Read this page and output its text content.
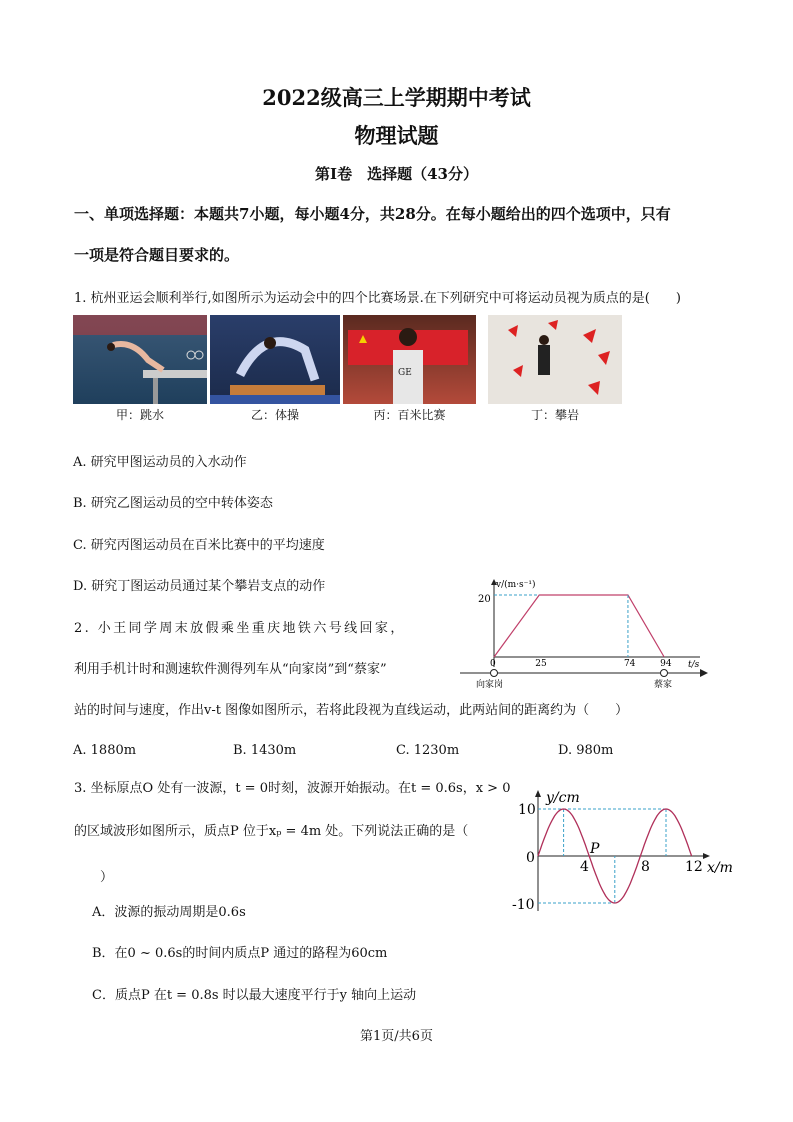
2022级高三上学期期中考试
物理试题
第Ⅰ卷　选择题（43分）
一、单项选择题：本题共7小题，每小题4分，共28分。在每小题给出的四个选项中，只有
一项是符合题目要求的。
1. 杭州亚运会顺利举行,如图所示为运动会中的四个比赛场景.在下列研究中可将运动员视为质点的是(　　)
GE
甲：跳水	乙：体操	丙：百米比赛	丁：攀岩
A. 研究甲图运动员的入水动作
B. 研究乙图运动员的空中转体姿态
C. 研究丙图运动员在百米比赛中的平均速度
D. 研究丁图运动员通过某个攀岩支点的动作
2. 小王同学周末放假乘坐重庆地铁六号线回家，
利用手机计时和测速软件测得列车从“向家岗”到“蔡家”
站的时间与速度，作出v-t 图像如图所示，若将此段视为直线运动，此两站间的距离约为（　　）
v/(m·s⁻¹)
20
t/s
0	25	74	94
向家岗	蔡家
A. 1880m	B. 1430m	C. 1230m	D. 980m
3. 坐标原点O 处有一波源，t = 0时刻，波源开始振动。在t = 0.6s，x > 0
的区域波形如图所示，质点P 位于xₚ = 4m 处。下列说法正确的是（
）
y/cm
x/m
10
0
-10
4	8	12
P
A．波源的振动周期是0.6s
B．在0 ~ 0.6s的时间内质点P 通过的路程为60cm
C．质点P 在t = 0.8s 时以最大速度平行于y 轴向上运动
第1页/共6页
